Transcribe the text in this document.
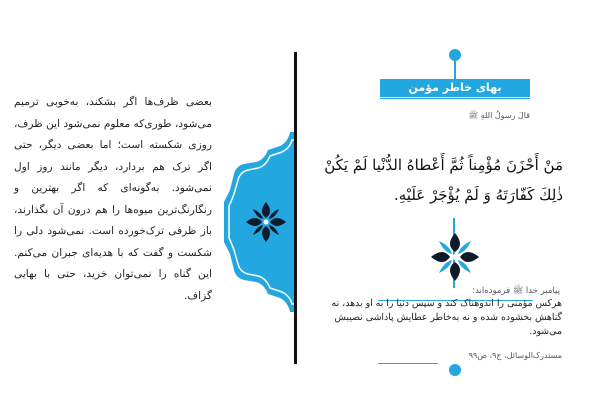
بعضی ظرف‌ها اگر بشکند، به‌خوبی ترمیم می‌شود، طوری‌که معلوم نمی‌شود این ظرف، روزی شکسته است؛ اما بعضی دیگر، حتی اگر ترک هم بردارد، دیگر مانند روز اول نمی‌شود. به‌گونه‌ای که اگر بهترین و رنگارنگ‌ترین میوه‌ها را هم درون آن بگذارند، باز ظرفی ترک‌خورده است. نمی‌شود دلی را شکست و گفت که با هدیه‌ای جبران می‌کنم. این گناه را نمی‌توان خرید، حتی با بهایی گزاف.
بهای خاطر مؤمن
قالَ رسولُ اللهِ ﷺ
مَنْ أَحْزَنَ مُؤْمِناً ثُمَّ أَعْطاهُ الدُّنْيا لَمْ يَكُنْ ذٰلِكَ كَفّارَتَهُ وَ لَمْ يُؤْجَرْ عَلَيْهِ.
پیامبر خدا ﷺ فرموده‌اند:
هرکس مؤمنی را اندوهناک کند و سپس دنیا را به او بدهد، نه گناهش بخشوده شده و نه به‌خاطر عطایش پاداشی نصیبش می‌شود.
مستدرک‌الوسائل، ج۹، ص۹۹
